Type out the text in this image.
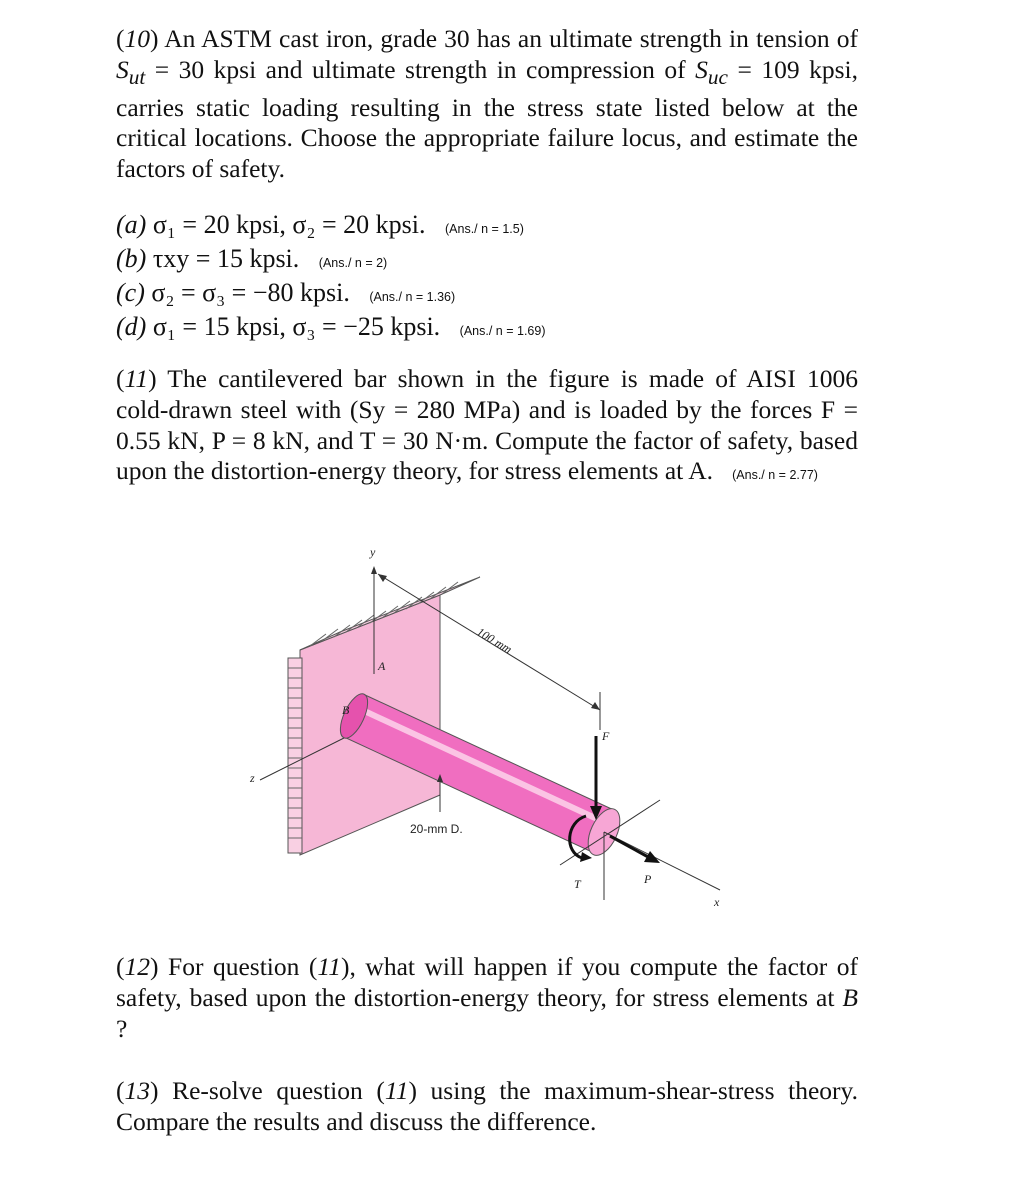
(10) An ASTM cast iron, grade 30 has an ultimate strength in tension of $S_{ut} = 30$ kpsi and ultimate strength in compression of $S_{uc} = 109$ kpsi, carries static loading resulting in the stress state listed below at the critical locations. Choose the appropriate failure locus, and estimate the factors of safety.
(a) σ₁ = 20 kpsi, σ₂ = 20 kpsi. (Ans./ n = 1.5)
(b) τxy = 15 kpsi. (Ans./ n = 2)
(c) σ₂ = σ₃ = −80 kpsi. (Ans./ n = 1.36)
(d) σ₁ = 15 kpsi, σ₃ = −25 kpsi. (Ans./ n = 1.69)
(11) The cantilevered bar shown in the figure is made of AISI 1006 cold-drawn steel with (Sy = 280 MPa) and is loaded by the forces F = 0.55 kN, P = 8 kN, and T = 30 N·m. Compute the factor of safety, based upon the distortion-energy theory, for stress elements at A. (Ans./ n = 2.77)
y
z
100 mm
x
A
B
F
P
T
20-mm D.
(12) For question (11), what will happen if you compute the factor of safety, based upon the distortion-energy theory, for stress elements at B ?
(13) Re-solve question (11) using the maximum-shear-stress theory. Compare the results and discuss the difference.
